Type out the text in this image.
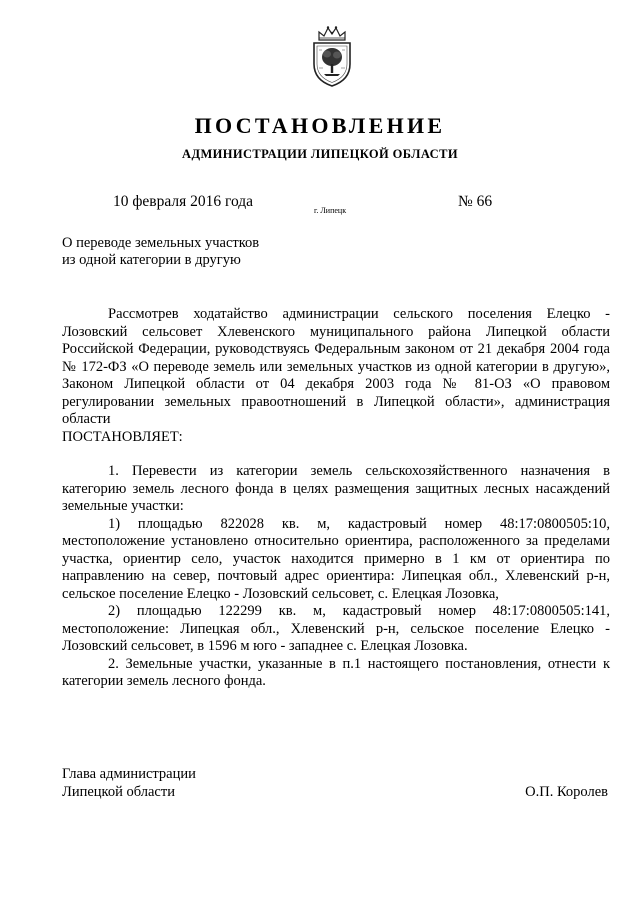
ПОСТАНОВЛЕНИЕ
АДМИНИСТРАЦИИ ЛИПЕЦКОЙ ОБЛАСТИ
10 февраля 2016 года
г. Липецк
№ 66
О переводе земельных участков
из одной категории в другую

Рассмотрев ходатайство администрации сельского поселения Елецко - Лозовский сельсовет Хлевенского муниципального района Липецкой области Российской Федерации, руководствуясь Федеральным законом от 21 декабря 2004 года № 172-ФЗ «О переводе земель или земельных участков из одной категории в другую», Законом Липецкой области от 04 декабря 2003 года № 81-ОЗ «О правовом регулировании земельных правоотношений в Липецкой области», администрация области

ПОСТАНОВЛЯЕТ:

1. Перевести из категории земель сельскохозяйственного назначения в категорию земель лесного фонда в целях размещения защитных лесных насаждений земельные участки:

1) площадью 822028 кв. м, кадастровый номер 48:17:0800505:10, местоположение установлено относительно ориентира, расположенного за пределами участка, ориентир село, участок находится примерно в 1 км от ориентира по направлению на север, почтовый адрес ориентира: Липецкая обл., Хлевенский р-н, сельское поселение Елецко - Лозовский сельсовет, с. Елецкая Лозовка,

2) площадью 122299 кв. м, кадастровый номер 48:17:0800505:141, местоположение: Липецкая обл., Хлевенский р-н, сельское поселение Елецко - Лозовский сельсовет, в 1596 м юго - западнее с. Елецкая Лозовка.

2. Земельные участки, указанные в п.1 настоящего постановления, отнести к категории земель лесного фонда.

Глава администрации
Липецкой области	О.П. Королев
